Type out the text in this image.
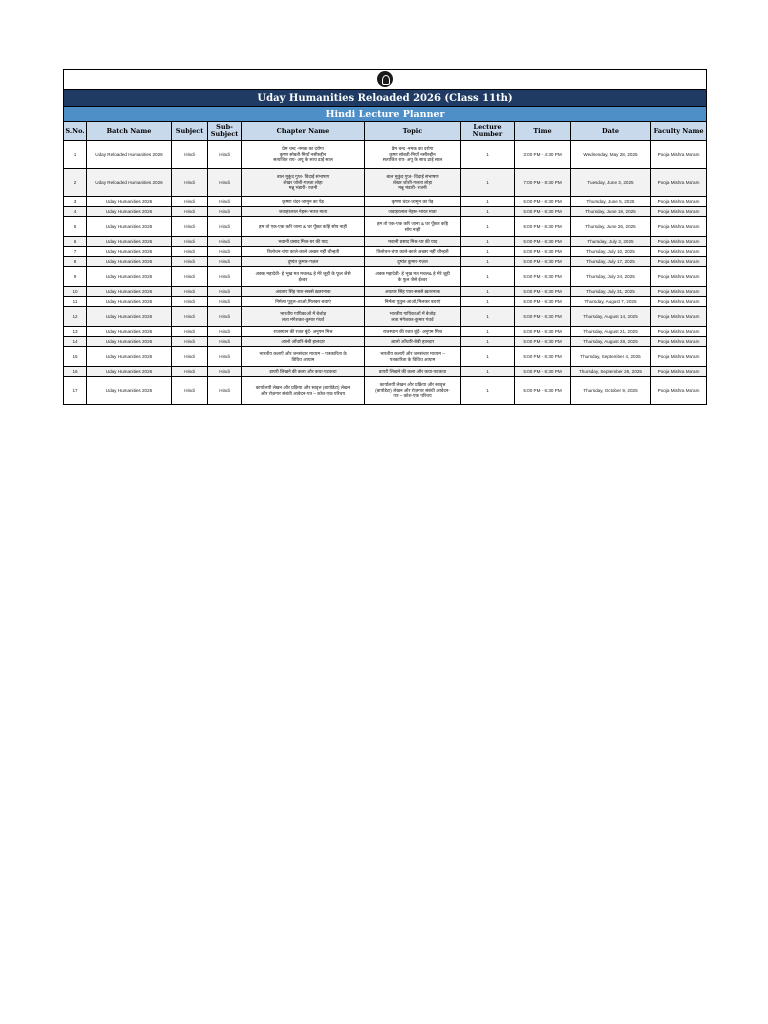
Uday Humanities Reloaded 2026 (Class 11th)									
Hindi Lecture Planner									
S.No.	Batch Name	Subject	Sub-Subject	Chapter Name	Topic	Lecture Number	Time	Date	Faculty Name
1	Uday Reloaded Humanities 2026	Hindi	Hindi	प्रेम चन्द -नमक का दरोगा
कृष्ण सोबती-मियाँ नसीरुद्दीन
सत्यजित राय- अपू के साथ ढाई साल	प्रेम चन्द -नमक का दरोगा
कृष्ण सोबती-मियाँ नसीरुद्दीन
सत्यजित राय- अपू के साथ ढाई साल	1	3:00 PM - 4:30 PM	Wednesday, May 28, 2025	Pooja Mishra Ma'am
2	Uday Reloaded Humanities 2026	Hindi	Hindi	बाल मुकुंद गुप्त- विदाई संभाषण
शेखर जोशी-गलता लोहा
मन्नू भंडारी- रजनी	बाल मुकुंद गुप्त- विदाई संभाषण
शेखर जोशी-गलता लोहा
मन्नू भंडारी- रजनी	1	7:00 PM - 8:30 PM	Tuesday, June 3, 2025	Pooja Mishra Ma'am
3	Uday Humanities 2026	Hindi	Hindi	कृष्णा चंदर-जामुन का पेड़	कृष्णा चंदर-जामुन का पेड़	1	5:00 PM - 6:30 PM	Thursday, June 5, 2025	Pooja Mishra Ma'am
4	Uday Humanities 2026	Hindi	Hindi	जवाहरलाल नेहरू-भारत माता	जवाहरलाल नेहरू-भारत माता	1	5:00 PM - 6:30 PM	Thursday, June 19, 2025	Pooja Mishra Ma'am
5	Uday Humanities 2026	Hindi	Hindi	हम तो एक-एक करि जाना & घर पूँछत कहि सोय नाही	हम तो एक-एक करि जाना & घर पूँछत कहि
सोय नाही	1	5:00 PM - 6:30 PM	Thursday, June 26, 2025	Pooja Mishra Ma'am
6	Uday Humanities 2026	Hindi	Hindi	भवानी प्रसाद मिश्र-घर की याद	भवानी प्रसाद मिश्र-घर की याद	1	5:00 PM - 6:30 PM	Thursday, July 3, 2025	Pooja Mishra Ma'am
7	Uday Humanities 2026	Hindi	Hindi	त्रिलोचन-चंपा काले-काले अच्छर नहीं चीन्हती	त्रिलोचन-चंपा काले-काले अच्छर नहीं चीन्हती	1	5:00 PM - 6:30 PM	Thursday, July 10, 2025	Pooja Mishra Ma'am
8	Uday Humanities 2026	Hindi	Hindi	दुष्यंत कुमार-गज़ल	दुष्यंत कुमार-गज़ल	1	5:00 PM - 6:30 PM	Thursday, July 17, 2025	Pooja Mishra Ma'am
9	Uday Humanities 2026	Hindi	Hindi	अक्क महादेवी- हे भूख मत मचल& हे मेरे जूही के फूल जैसे
ईश्वर	अक्क महादेवी- हे भूख मत मचल& हे मेरे जूही
के फूल जैसे ईश्वर	1	5:00 PM - 6:30 PM	Thursday, July 24, 2025	Pooja Mishra Ma'am
10	Uday Humanities 2026	Hindi	Hindi	अवतार सिंह पाश-सबसे ख़तरनाक	अवतार सिंह पाश-सबसे ख़तरनाक	1	5:00 PM - 6:30 PM	Thursday, July 31, 2025	Pooja Mishra Ma'am
11	Uday Humanities 2026	Hindi	Hindi	निर्मला पुतुल-आओ,मिलकर बचाएं	निर्मला पुतुल-आओ,मिलकर बचाएं	1	5:00 PM - 6:30 PM	Thursday, August 7, 2025	Pooja Mishra Ma'am
12	Uday Humanities 2026	Hindi	Hindi	भारतीय गायिकाओं में बेजोड़
लता मंगेशकर-कुमार गंधर्व	भारतीय गायिकाओं में बेजोड़
लता मंगेशकर-कुमार गंधर्व	1	5:00 PM - 6:30 PM	Thursday, August 14, 2025	Pooja Mishra Ma'am
13	Uday Humanities 2026	Hindi	Hindi	राजस्थान की रजत बूंदें- अनुपम मिश्र	राजस्थान की रजत बूंदें- अनुपम मिश्र	1	5:00 PM - 6:30 PM	Thursday, August 21, 2025	Pooja Mishra Ma'am
14	Uday Humanities 2026	Hindi	Hindi	आलो आँधारि-बेबी हालदार	आलो आँधारि-बेबी हालदार	1	5:00 PM - 6:30 PM	Thursday, August 28, 2025	Pooja Mishra Ma'am
15	Uday Humanities 2026	Hindi	Hindi	भारतीय कलाएँ और जनसंचार माध्यम – पत्रकारिता के
विविध आयाम	भारतीय कलाएँ और जनसंचार माध्यम –
पत्रकारिता के विविध आयाम	1	5:00 PM - 6:30 PM	Thursday, September 4, 2025	Pooja Mishra Ma'am
16	Uday Humanities 2026	Hindi	Hindi	डायरी लिखने की कला और कथा-पटकथा	डायरी लिखने की कला और कथा-पटकथा	1	5:00 PM - 6:30 PM	Thursday, September 25, 2025	Pooja Mishra Ma'am
17	Uday Humanities 2026	Hindi	Hindi	कार्यालयी लेखन और प्रक्रिया और स्ववृत्त (बायोडेटा) लेखन
और रोज़गार संबंधी आवेदन-पत्र – कोश-एक परिचय	कार्यालयी लेखन और प्रक्रिया और स्ववृत्त
(बायोडेटा) लेखन और रोज़गार संबंधी आवेदन-
पत्र – कोश-एक परिचय	1	5:00 PM - 6:30 PM	Thursday, October 9, 2025	Pooja Mishra Ma'am
